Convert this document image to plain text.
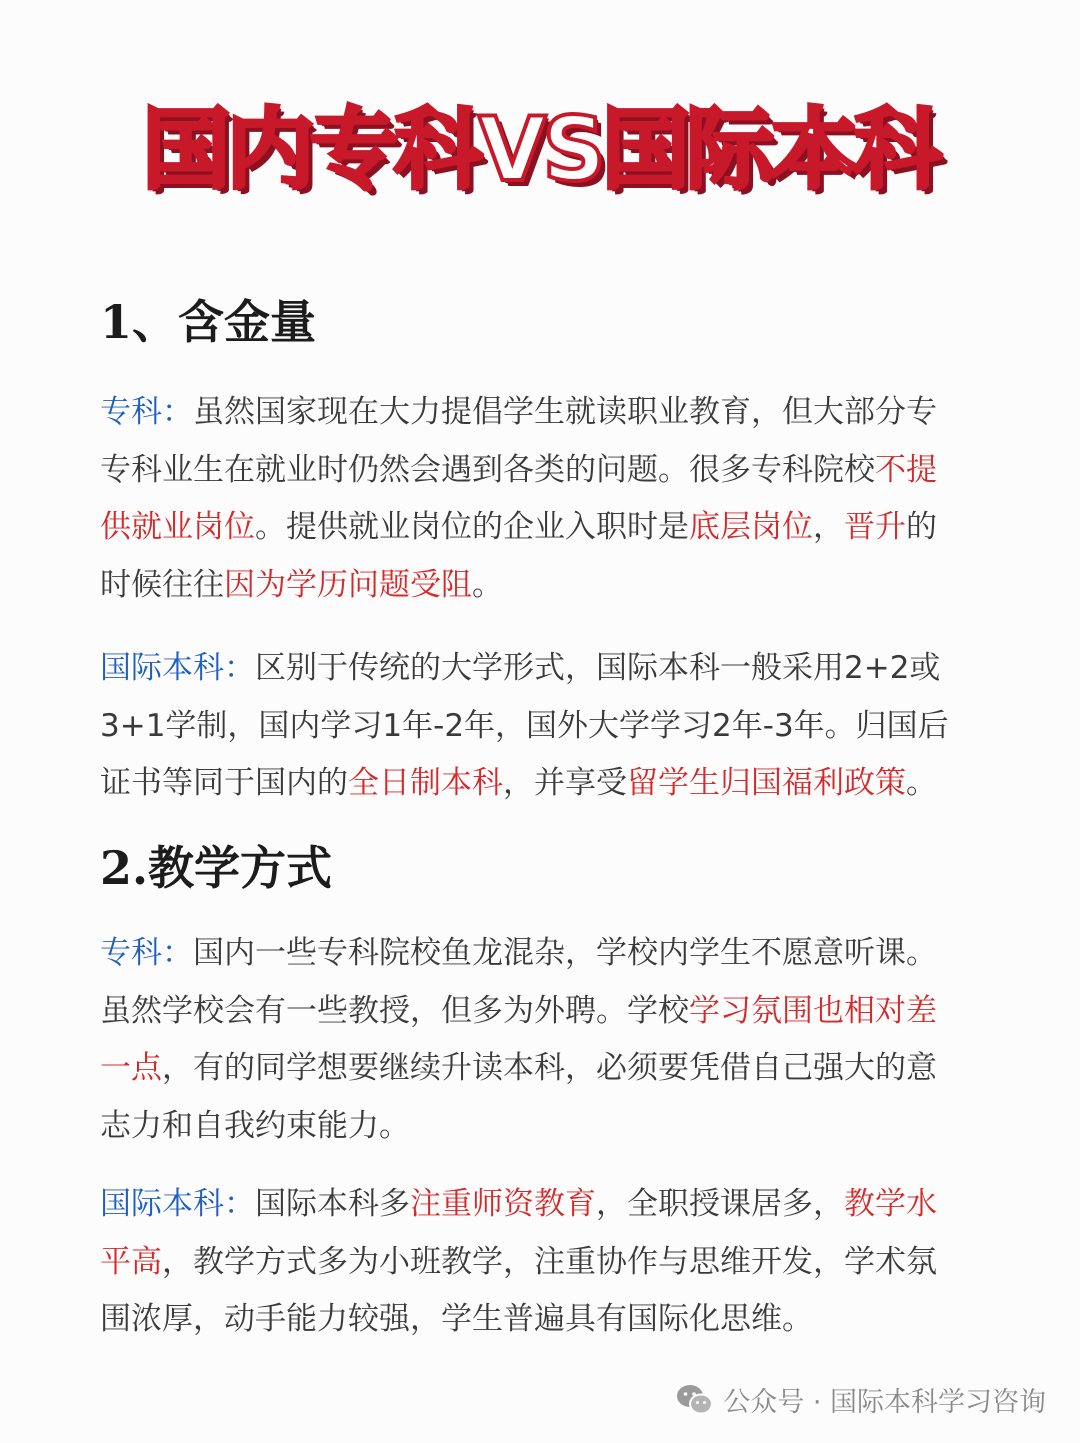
国内专科VS国际本科
1、含金量
专科：虽然国家现在大力提倡学生就读职业教育，但大部分专
专科业生在就业时仍然会遇到各类的问题。很多专科院校不提
供就业岗位。提供就业岗位的企业入职时是底层岗位，晋升的
时候往往因为学历问题受阻。
国际本科：区别于传统的大学形式，国际本科一般采用2+2或
3+1学制，国内学习1年-2年，国外大学学习2年-3年。归国后
证书等同于国内的全日制本科，并享受留学生归国福利政策。
2.教学方式
专科：国内一些专科院校鱼龙混杂，学校内学生不愿意听课。
虽然学校会有一些教授，但多为外聘。学校学习氛围也相对差
一点，有的同学想要继续升读本科，必须要凭借自己强大的意
志力和自我约束能力。
国际本科：国际本科多注重师资教育，全职授课居多，教学水
平高，教学方式多为小班教学，注重协作与思维开发，学术氛
围浓厚，动手能力较强，学生普遍具有国际化思维。
公众号 · 国际本科学习咨询
